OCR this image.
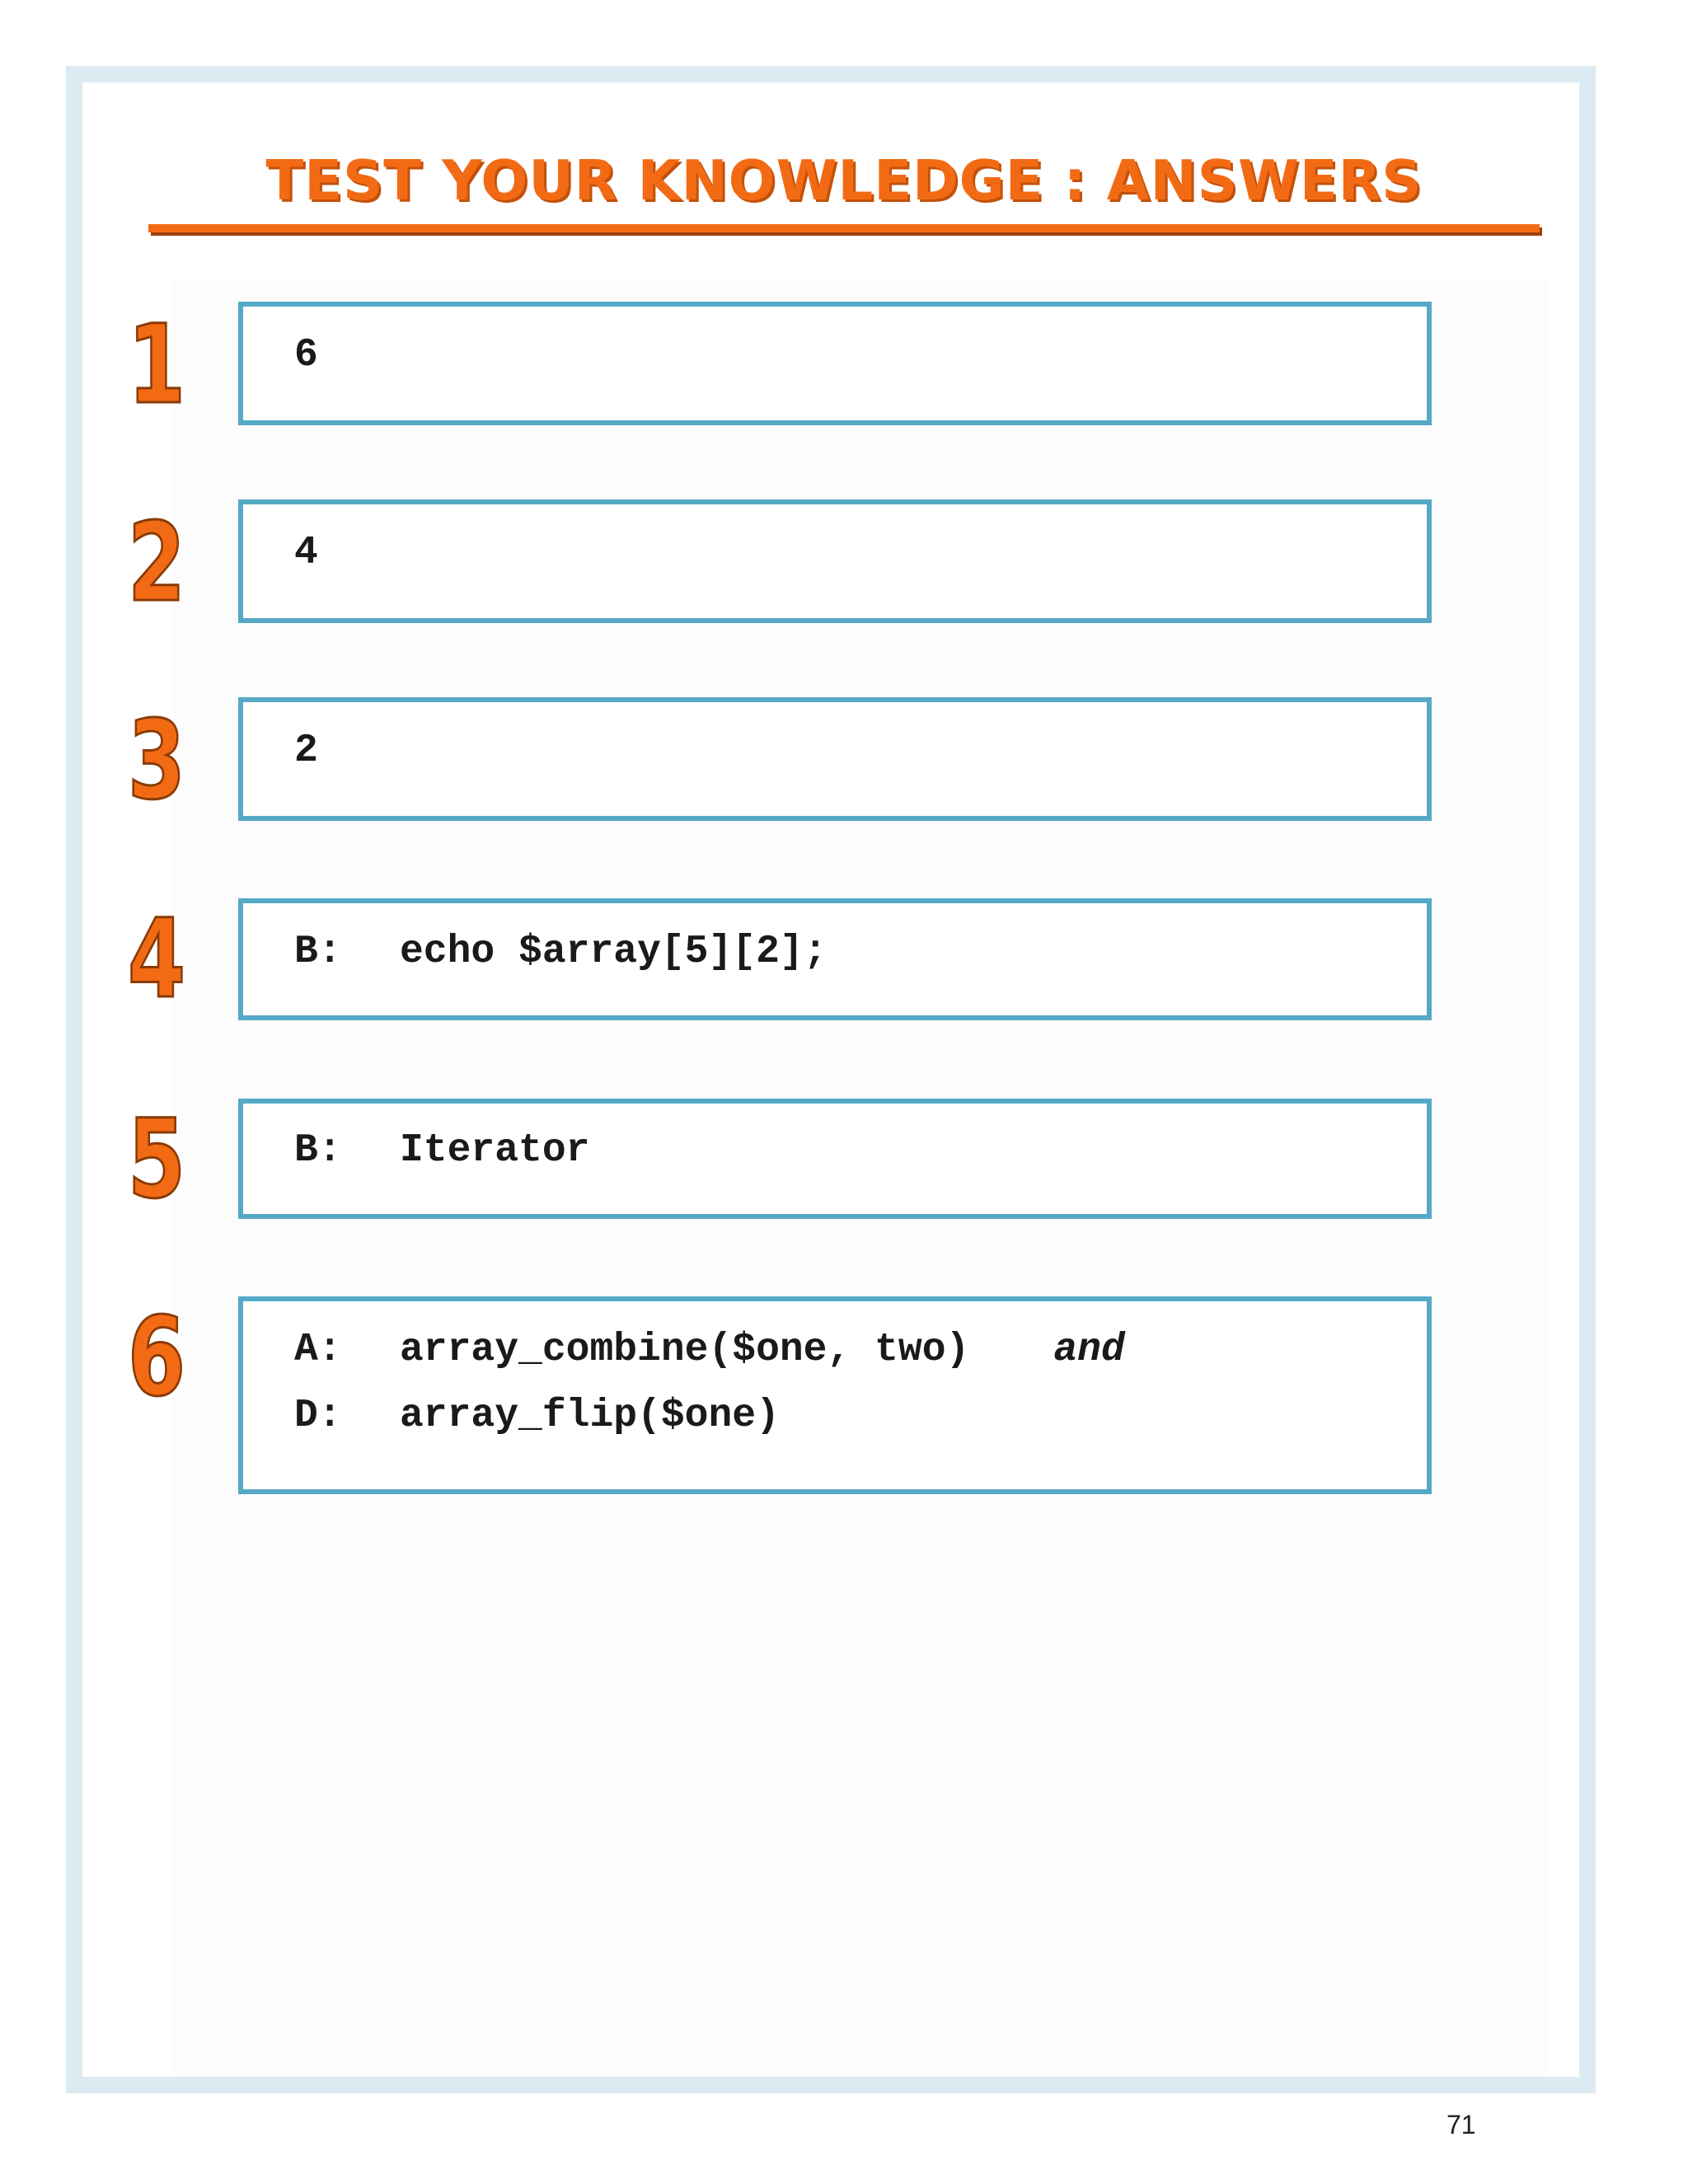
TEST YOUR KNOWLEDGE : ANSWERS
1	6
2	4
3	2
4	B: echo $array[5][2];
5	B: Iterator
6	A: array_combine($one, two) and
D: array_flip($one)
71
